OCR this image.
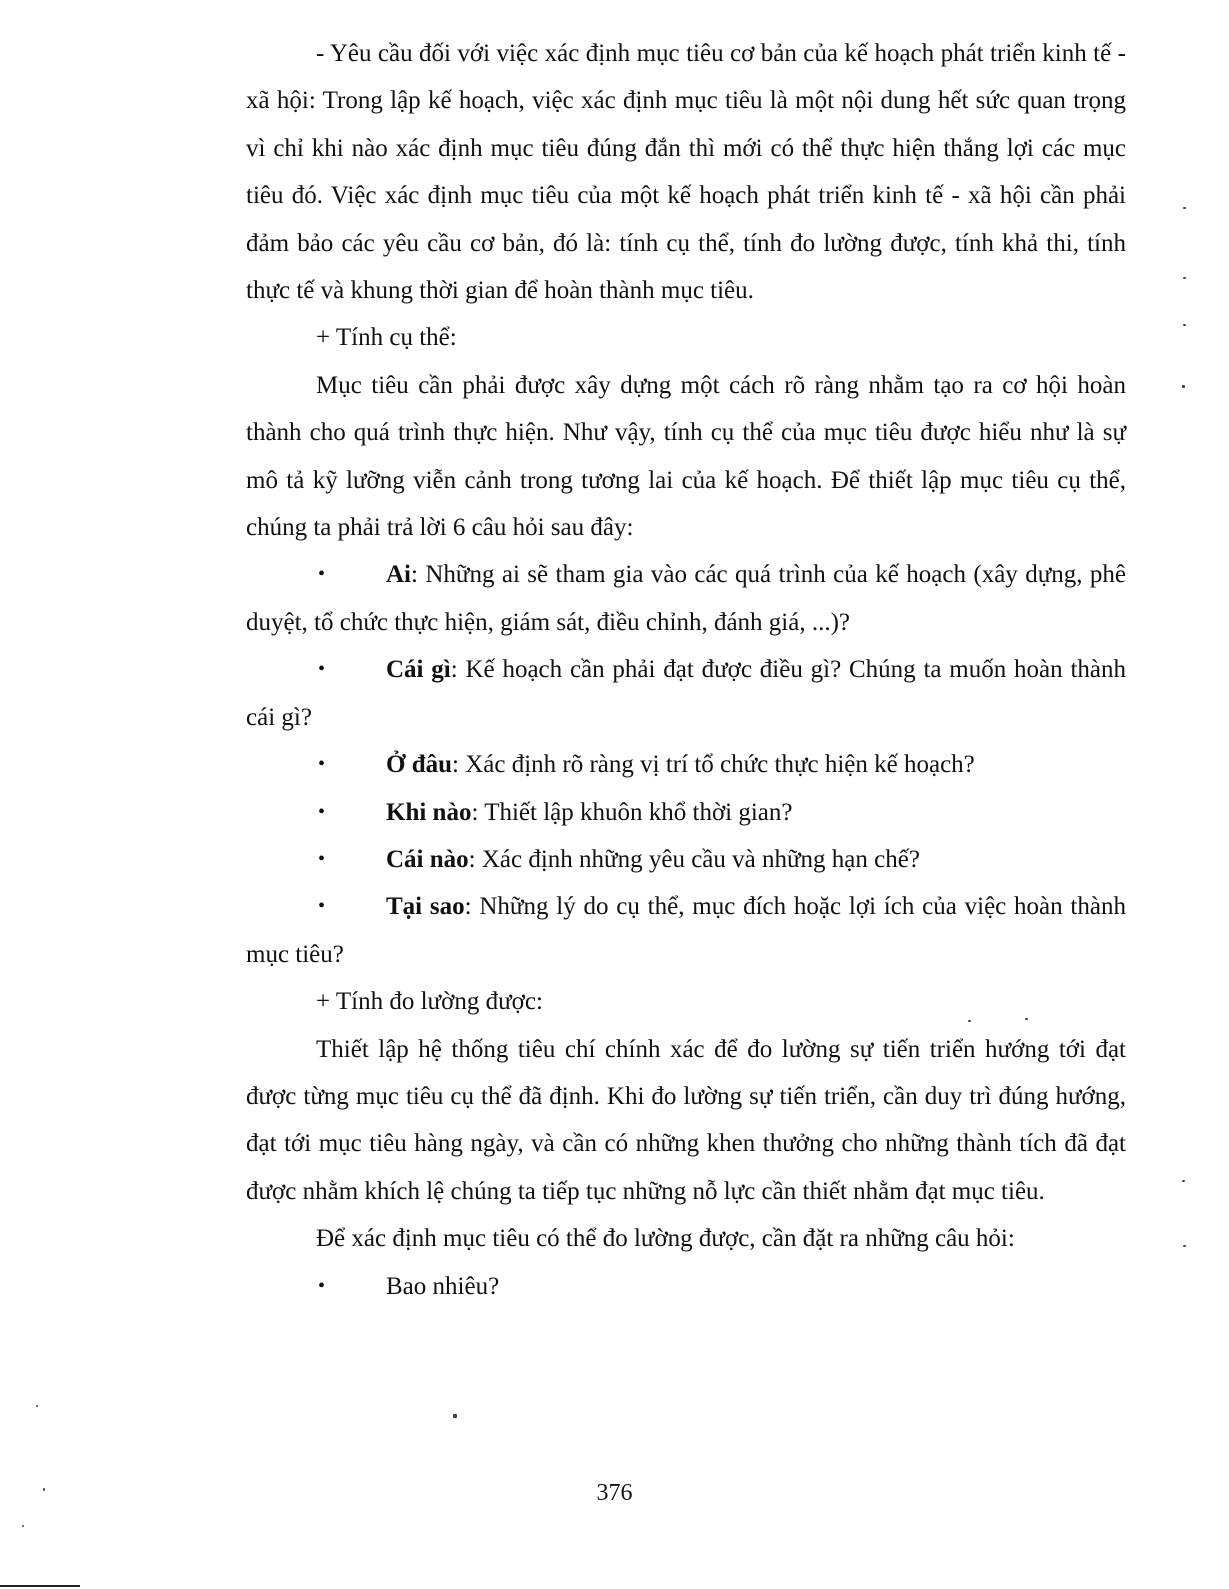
- Yêu cầu đối với việc xác định mục tiêu cơ bản của kế hoạch phát triển kinh tế - xã hội: Trong lập kế hoạch, việc xác định mục tiêu là một nội dung hết sức quan trọng vì chỉ khi nào xác định mục tiêu đúng đắn thì mới có thể thực hiện thắng lợi các mục tiêu đó. Việc xác định mục tiêu của một kế hoạch phát triển kinh tế - xã hội cần phải đảm bảo các yêu cầu cơ bản, đó là: tính cụ thể, tính đo lường được, tính khả thi, tính thực tế và khung thời gian để hoàn thành mục tiêu.

+ Tính cụ thể:

Mục tiêu cần phải được xây dựng một cách rõ ràng nhằm tạo ra cơ hội hoàn thành cho quá trình thực hiện. Như vậy, tính cụ thể của mục tiêu được hiểu như là sự mô tả kỹ lưỡng viễn cảnh trong tương lai của kế hoạch. Để thiết lập mục tiêu cụ thể, chúng ta phải trả lời 6 câu hỏi sau đây:

• Ai: Những ai sẽ tham gia vào các quá trình của kế hoạch (xây dựng, phê duyệt, tổ chức thực hiện, giám sát, điều chỉnh, đánh giá, ...)?

• Cái gì: Kế hoạch cần phải đạt được điều gì? Chúng ta muốn hoàn thành cái gì?

• Ở đâu: Xác định rõ ràng vị trí tổ chức thực hiện kế hoạch?

• Khi nào: Thiết lập khuôn khổ thời gian?

• Cái nào: Xác định những yêu cầu và những hạn chế?

• Tại sao: Những lý do cụ thể, mục đích hoặc lợi ích của việc hoàn thành mục tiêu?

+ Tính đo lường được:

Thiết lập hệ thống tiêu chí chính xác để đo lường sự tiến triển hướng tới đạt được từng mục tiêu cụ thể đã định. Khi đo lường sự tiến triển, cần duy trì đúng hướng, đạt tới mục tiêu hàng ngày, và cần có những khen thưởng cho những thành tích đã đạt được nhằm khích lệ chúng ta tiếp tục những nỗ lực cần thiết nhằm đạt mục tiêu.

Để xác định mục tiêu có thể đo lường được, cần đặt ra những câu hỏi:

• Bao nhiêu?

376
